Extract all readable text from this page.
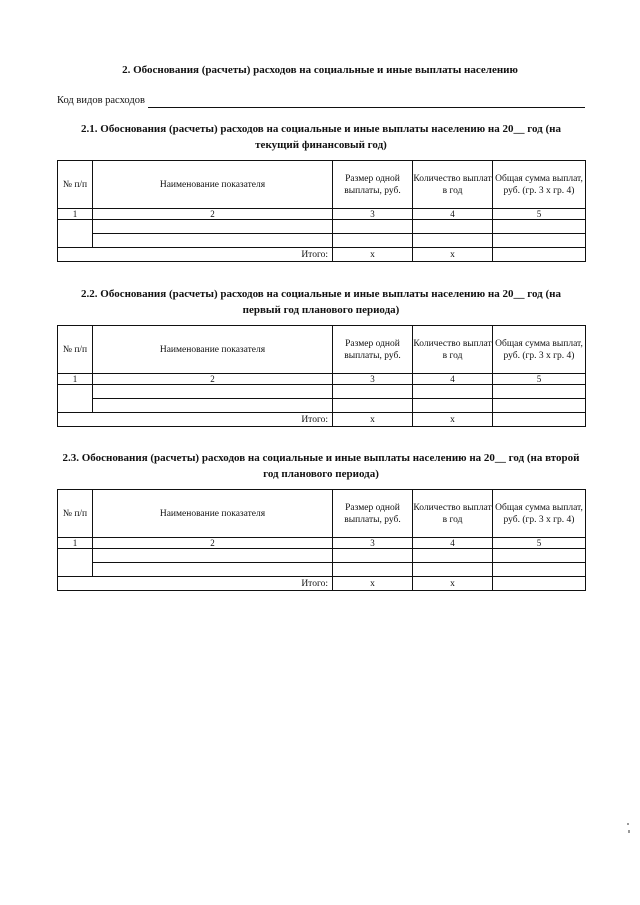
2. Обоснования (расчеты) расходов на социальные и иные выплаты населению
Код видов расходов
2.1. Обоснования (расчеты) расходов на социальные и иные выплаты населению на 20__ год (на текущий финансовый год)
№ п/п	Наименование показателя	Размер одной выплаты, руб.	Количество выплат в год	Общая сумма выплат, руб. (гр. 3 х гр. 4)
1	2	3	4	5

Итого:		х	х	
2.2. Обоснования (расчеты) расходов на социальные и иные выплаты населению на 20__ год (на первый год планового периода)
№ п/п	Наименование показателя	Размер одной выплаты, руб.	Количество выплат в год	Общая сумма выплат, руб. (гр. 3 х гр. 4)
1	2	3	4	5

Итого:		х	х	
2.3. Обоснования (расчеты) расходов на социальные и иные выплаты населению на 20__ год (на второй год планового периода)
№ п/п	Наименование показателя	Размер одной выплаты, руб.	Количество выплат в год	Общая сумма выплат, руб. (гр. 3 х гр. 4)
1	2	3	4	5

Итого:		х	х	
